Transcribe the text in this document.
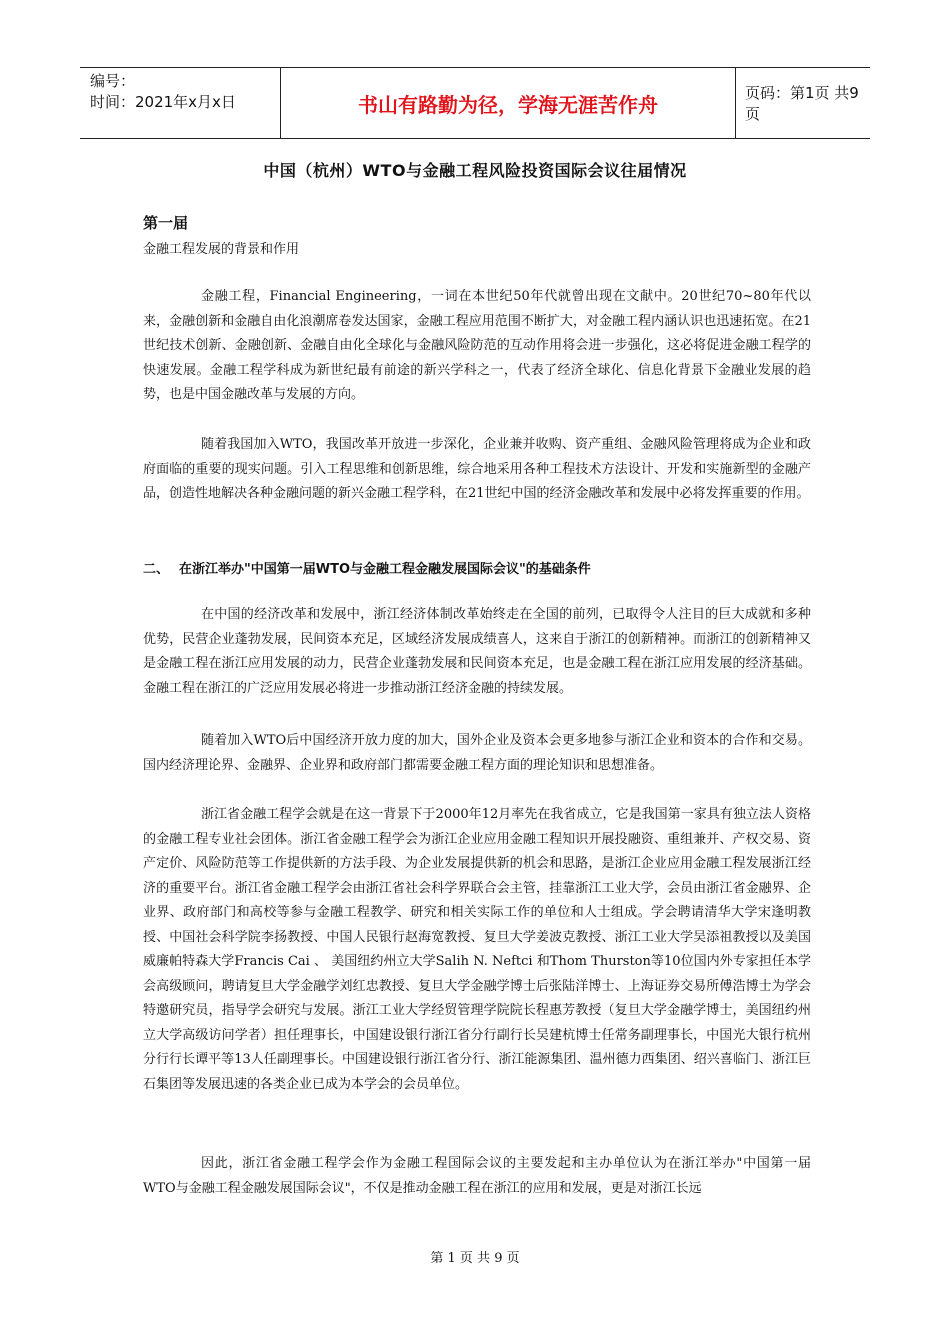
编号：
时间：2021年x月x日	书山有路勤为径，学海无涯苦作舟	页码：第1页 共9页
中国（杭州）WTO与金融工程风险投资国际会议往届情况
第一届
金融工程发展的背景和作用

金融工程，Financial Engineering，一词在本世纪50年代就曾出现在文献中。20世纪70~80年代以来，金融创新和金融自由化浪潮席卷发达国家，金融工程应用范围不断扩大，对金融工程内涵认识也迅速拓宽。在21世纪技术创新、金融创新、金融自由化全球化与金融风险防范的互动作用将会进一步强化，这必将促进金融工程学的快速发展。金融工程学科成为新世纪最有前途的新兴学科之一，代表了经济全球化、信息化背景下金融业发展的趋势，也是中国金融改革与发展的方向。

随着我国加入WTO，我国改革开放进一步深化，企业兼并收购、资产重组、金融风险管理将成为企业和政府面临的重要的现实问题。引入工程思维和创新思维，综合地采用各种工程技术方法设计、开发和实施新型的金融产品，创造性地解决各种金融问题的新兴金融工程学科，在21世纪中国的经济金融改革和发展中必将发挥重要的作用。

二、 在浙江举办"中国第一届WTO与金融工程金融发展国际会议"的基础条件

在中国的经济改革和发展中，浙江经济体制改革始终走在全国的前列，已取得令人注目的巨大成就和多种优势，民营企业蓬勃发展，民间资本充足，区域经济发展成绩喜人，这来自于浙江的创新精神。而浙江的创新精神又是金融工程在浙江应用发展的动力，民营企业蓬勃发展和民间资本充足，也是金融工程在浙江应用发展的经济基础。金融工程在浙江的广泛应用发展必将进一步推动浙江经济金融的持续发展。

随着加入WTO后中国经济开放力度的加大，国外企业及资本会更多地参与浙江企业和资本的合作和交易。国内经济理论界、金融界、企业界和政府部门都需要金融工程方面的理论知识和思想准备。

浙江省金融工程学会就是在这一背景下于2000年12月率先在我省成立，它是我国第一家具有独立法人资格的金融工程专业社会团体。浙江省金融工程学会为浙江企业应用金融工程知识开展投融资、重组兼并、产权交易、资产定价、风险防范等工作提供新的方法手段、为企业发展提供新的机会和思路，是浙江企业应用金融工程发展浙江经济的重要平台。浙江省金融工程学会由浙江省社会科学界联合会主管，挂靠浙江工业大学，会员由浙江省金融界、企业界、政府部门和高校等参与金融工程教学、研究和相关实际工作的单位和人士组成。学会聘请清华大学宋逢明教授、中国社会科学院李扬教授、中国人民银行赵海宽教授、复旦大学姜波克教授、浙江工业大学吴添祖教授以及美国威廉帕特森大学Francis Cai 、 美国纽约州立大学Salih N. Neftci 和Thom Thurston等10位国内外专家担任本学会高级顾问，聘请复旦大学金融学刘红忠教授、复旦大学金融学博士后张陆洋博士、上海证券交易所傅浩博士为学会特邀研究员，指导学会研究与发展。浙江工业大学经贸管理学院院长程惠芳教授（复旦大学金融学博士，美国纽约州立大学高级访问学者）担任理事长，中国建设银行浙江省分行副行长吴建杭博士任常务副理事长，中国光大银行杭州分行行长谭平等13人任副理事长。中国建设银行浙江省分行、浙江能源集团、温州德力西集团、绍兴喜临门、浙江巨石集团等发展迅速的各类企业已成为本学会的会员单位。

因此，浙江省金融工程学会作为金融工程国际会议的主要发起和主办单位认为在浙江举办"中国第一届WTO与金融工程金融发展国际会议"，不仅是推动金融工程在浙江的应用和发展，更是对浙江长远

第 1 页 共 9 页
